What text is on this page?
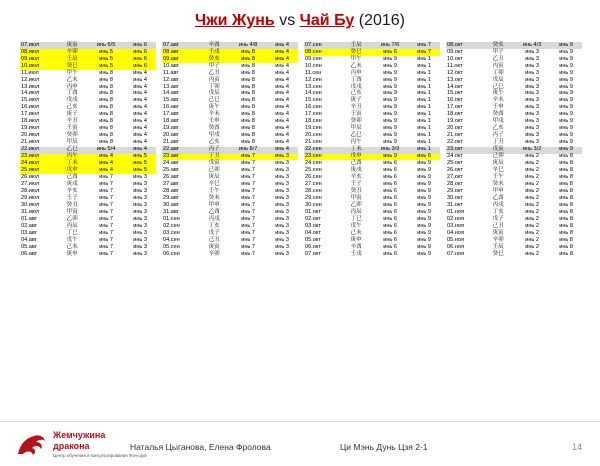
Чжи Жунь vs Чай Бу (2016)
07.июл	庚寅	инь 6/5	инь 6
08.июл	辛卯	инь 5	инь 6
09.июл	壬辰	инь 5	инь 6
10.июл	癸巳	инь 5	инь 6
11.июл	甲午	инь 8	инь 4
12.июл	乙未	инь 8	инь 4
13.июл	丙申	инь 8	инь 4
14.июл	丁酉	инь 8	инь 4
15.июл	戊戌	инь 8	инь 4
16.июл	己亥	инь 8	инь 4
17.июл	庚子	инь 8	инь 4
18.июл	辛丑	инь 8	инь 4
19.июл	壬寅	инь 8	инь 4
20.июл	癸卯	инь 8	инь 4
21.июл	甲辰	инь 8	инь 4
22.июл	乙巳	инь 5/4	инь 4
23.июл	丙午	инь 4	инь 5
24.июл	丁未	инь 4	инь 5
25.июл	戊申	инь 4	инь 5
26.июл	己酉	инь 7	инь 3
27.июл	庚戌	инь 7	инь 3
28.июл	辛亥	инь 7	инь 3
29.июл	壬子	инь 7	инь 3
30.июл	癸丑	инь 7	инь 3
31.июл	甲寅	инь 7	инь 3
01.авг	乙卯	инь 7	инь 3
02.авг	丙辰	инь 7	инь 3
03.авг	丁巳	инь 7	инь 3
04.авг	戊午	инь 7	инь 3
05.авг	己未	инь 7	инь 3
06.авг	庚申	инь 7	инь 3
07.авг	辛酉	инь 4/8	инь 4
08.авг	壬戌	инь 8	инь 4
09.авг	癸亥	инь 8	инь 4
10.авг	甲子	инь 8	инь 4
11.авг	乙丑	инь 8	инь 4
12.авг	丙寅	инь 8	инь 4
13.авг	丁卯	инь 8	инь 4
14.авг	戊辰	инь 8	инь 4
15.авг	己巳	инь 8	инь 4
16.авг	庚午	инь 8	инь 4
17.авг	辛未	инь 8	инь 4
18.авг	壬申	инь 8	инь 4
19.авг	癸酉	инь 8	инь 4
20.авг	甲戌	инь 8	инь 4
21.авг	乙亥	инь 8	инь 4
22.авг	丙子	инь 8/7	инь 4
23.авг	丁丑	инь 7	инь 3
24.авг	戊寅	инь 7	инь 3
25.авг	己卯	инь 7	инь 3
26.авг	庚辰	инь 7	инь 3
27.авг	辛巳	инь 7	инь 3
28.авг	壬午	инь 7	инь 3
29.авг	癸未	инь 7	инь 3
30.авг	甲申	инь 7	инь 3
31.авг	乙酉	инь 7	инь 3
01.сен	丙戌	инь 7	инь 3
02.сен	丁亥	инь 7	инь 3
03.сен	戊子	инь 7	инь 3
04.сен	己丑	инь 7	инь 3
05.сен	庚寅	инь 7	инь 3
06.сен	辛卯	инь 7	инь 3
07.сен	壬辰	инь 7/6	инь 7
08.сен	癸巳	инь 6	инь 7
09.сен	甲午	инь 9	инь 1
10.сен	乙未	инь 9	инь 1
11.сен	丙申	инь 9	инь 1
12.сен	丁酉	инь 9	инь 1
13.сен	戊戌	инь 9	инь 1
14.сен	己亥	инь 9	инь 1
15.сен	庚子	инь 9	инь 1
16.сен	辛丑	инь 9	инь 1
17.сен	壬寅	инь 9	инь 1
18.сен	癸卯	инь 9	инь 1
19.сен	甲辰	инь 9	инь 1
20.сен	乙巳	инь 9	инь 1
21.сен	丙午	инь 9	инь 1
22.сен	丁未	инь 3/9	инь 1
23.сен	戊申	инь 9	инь 6
24.сен	己酉	инь 6	инь 9
25.сен	庚戌	инь 6	инь 9
26.сен	辛亥	инь 6	инь 9
27.сен	壬子	инь 6	инь 9
28.сен	癸丑	инь 6	инь 9
29.сен	甲寅	инь 6	инь 9
30.сен	乙卯	инь 6	инь 9
01.окт	丙辰	инь 6	инь 9
02.окт	丁巳	инь 6	инь 9
03.окт	戊午	инь 6	инь 9
04.окт	己未	инь 6	инь 9
05.окт	庚申	инь 6	инь 9
06.окт	辛酉	инь 6	инь 9
07.окт	壬戌	инь 6	инь 9
08.окт	癸亥	инь 4/3	инь 9
09.окт	甲子	инь 3	инь 9
10.окт	乙丑	инь 3	инь 9
11.окт	丙寅	инь 3	инь 9
12.окт	丁卯	инь 3	инь 9
13.окт	戊辰	инь 3	инь 9
14.окт	己巳	инь 3	инь 9
15.окт	庚午	инь 3	инь 9
16.окт	辛未	инь 3	инь 9
17.окт	壬申	инь 3	инь 9
18.окт	癸酉	инь 3	инь 9
19.окт	甲戌	инь 3	инь 9
20.окт	乙亥	инь 3	инь 9
21.окт	丙子	инь 3	инь 9
22.окт	丁丑	инь 3	инь 9
23.окт	戊寅	инь 3/2	инь 9
24.окт	己卯	инь 2	инь 8
25.окт	庚辰	инь 2	инь 8
26.окт	辛巳	инь 2	инь 8
27.окт	壬午	инь 2	инь 8
28.окт	癸未	инь 2	инь 8
29.окт	甲申	инь 2	инь 8
30.окт	乙酉	инь 2	инь 8
31.окт	丙戌	инь 2	инь 8
01.ноя	丁亥	инь 2	инь 8
02.ноя	戊子	инь 2	инь 8
03.ноя	己丑	инь 2	инь 8
04.ноя	庚寅	инь 2	инь 8
05.ноя	辛卯	инь 2	инь 8
06.ноя	壬辰	инь 2	инь 8
07.ноя	癸巳	инь 2	инь 8
Жемчужина
дракона
Центр обучения и консультирования Фэн-шуй
Наталья Цыганова, Елена Фролова	Ци Мэнь Дунь Цзя 2-1	14
